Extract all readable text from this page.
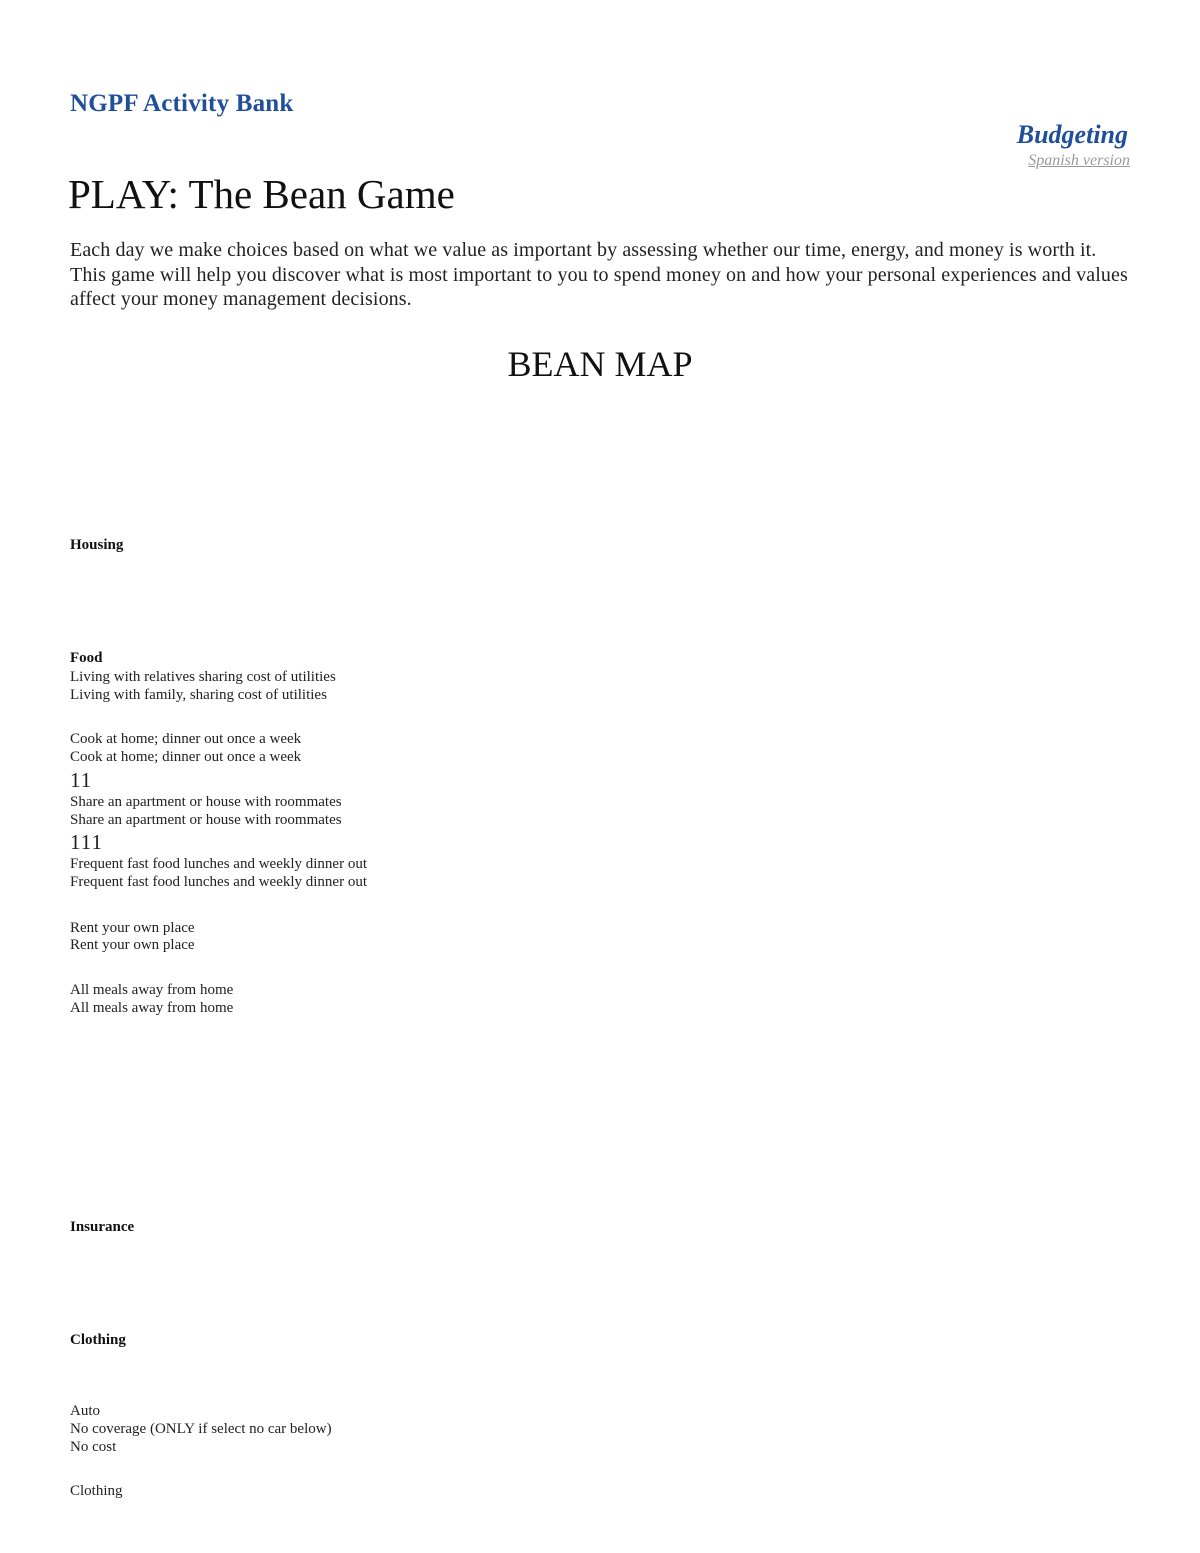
NGPF Activity Bank
Budgeting
Spanish version
PLAY: The Bean Game

Each day we make choices based on what we value as important by assessing whether our time, energy, and money is worth it. This game will help you discover what is most important to you to spend money on and how your personal experiences and values affect your money management decisions.

BEAN MAP
Housing
Food
Living with relatives sharing cost of utilities
Living with family, sharing cost of utilities
Cook at home; dinner out once a week
Cook at home; dinner out once a week
11
Share an apartment or house with roommates
Share an apartment or house with roommates
111
Frequent fast food lunches and weekly dinner out
Frequent fast food lunches and weekly dinner out
Rent your own place
Rent your own place
All meals away from home
All meals away from home
Insurance
Clothing
Auto
No coverage (ONLY if select no car below)
No cost
Clothing
